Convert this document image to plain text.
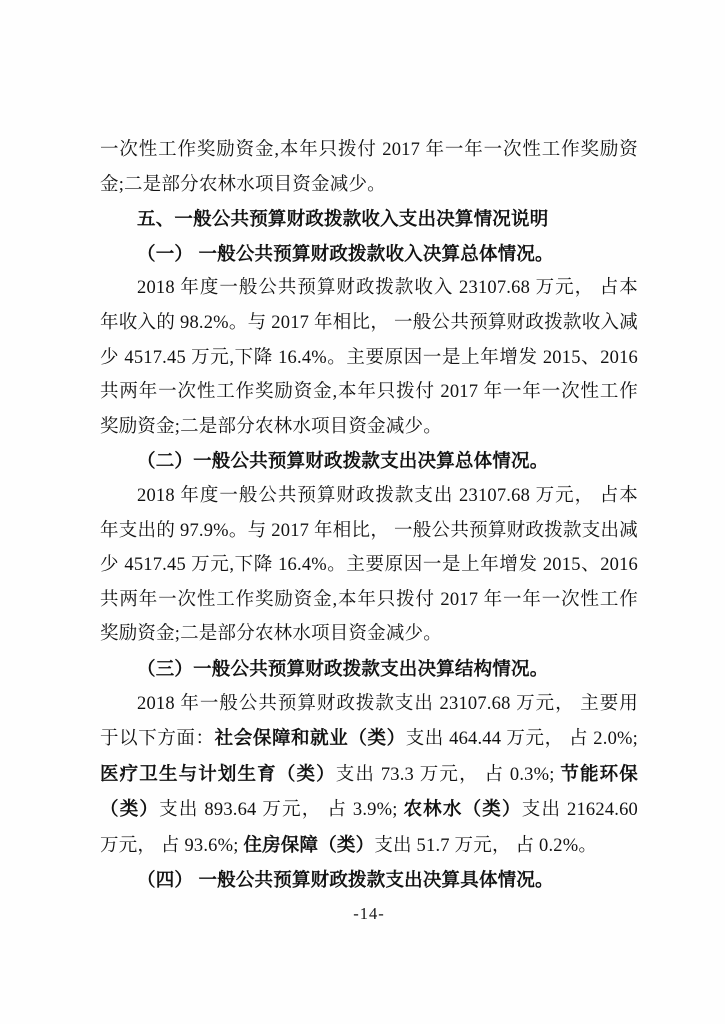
一次性工作奖励资金,本年只拨付 2017 年一年一次性工作奖励资
金;二是部分农林水项目资金减少。
五、一般公共预算财政拨款收入支出决算情况说明
（一） 一般公共预算财政拨款收入决算总体情况。
2018 年度一般公共预算财政拨款收入 23107.68 万元， 占本
年收入的 98.2%。与 2017 年相比， 一般公共预算财政拨款收入减
少 4517.45 万元,下降 16.4%。主要原因一是上年增发 2015、2016
共两年一次性工作奖励资金,本年只拨付 2017 年一年一次性工作
奖励资金;二是部分农林水项目资金减少。
（二）一般公共预算财政拨款支出决算总体情况。
2018 年度一般公共预算财政拨款支出 23107.68 万元， 占本
年支出的 97.9%。与 2017 年相比， 一般公共预算财政拨款支出减
少 4517.45 万元,下降 16.4%。主要原因一是上年增发 2015、2016
共两年一次性工作奖励资金,本年只拨付 2017 年一年一次性工作
奖励资金;二是部分农林水项目资金减少。
（三）一般公共预算财政拨款支出决算结构情况。
2018 年一般公共预算财政拨款支出 23107.68 万元， 主要用
于以下方面：社会保障和就业（类）支出 464.44 万元， 占 2.0%;
医疗卫生与计划生育（类）支出 73.3 万元， 占 0.3%; 节能环保
（类）支出 893.64 万元， 占 3.9%; 农林水（类）支出 21624.60
万元， 占 93.6%; 住房保障（类）支出 51.7 万元， 占 0.2%。
（四） 一般公共预算财政拨款支出决算具体情况。
-14-
